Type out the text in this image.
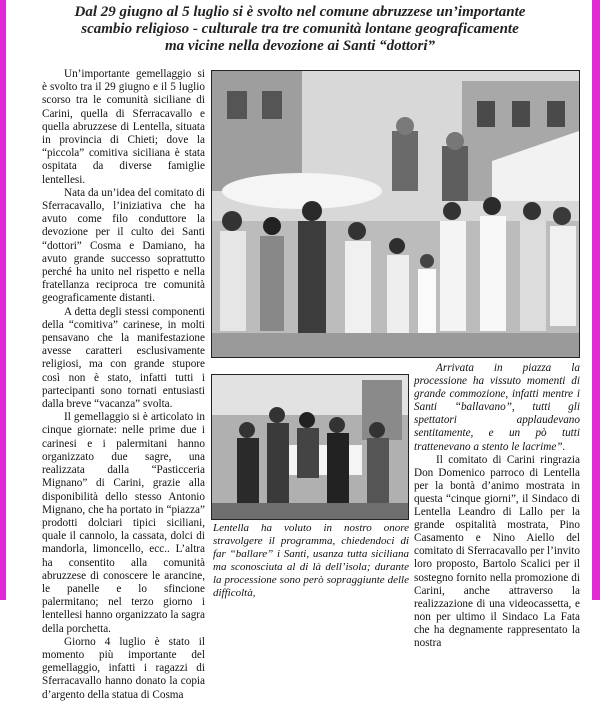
Dal 29 giugno al 5 luglio si è svolto nel comune abruzzese un’importante
scambio religioso - culturale tra tre comunità lontane geograficamente
ma vicine nella devozione ai Santi “dottori”

Un’importante gemellaggio si è svolto tra il 29 giugno e il 5 luglio scorso tra le comunità siciliane di Carini, quella di Sferracavallo e quella abruzzese di Lentella, situata in provincia di Chieti; dove la “piccola” comitiva siciliana è stata ospitata da diverse famiglie lentellesi.

Nata da un’idea del comitato di Sferracavallo, l’iniziativa che ha avuto come filo conduttore la devozione per il culto dei Santi “dottori” Cosma e Damiano, ha avuto grande successo soprattutto perché ha unito nel rispetto e nella fratellanza reciproca tre comunità geograficamente distanti.

A detta degli stessi componenti della “comitiva” carinese, in molti pensavano che la manifestazione avesse caratteri esclusivamente religiosi, ma con grande stupore così non è stato, infatti tutti i partecipanti sono tornati entusiasti dalla breve “vacanza” svolta.

Il gemellaggio si è articolato in cinque giornate: nelle prime due i carinesi e i palermitani hanno organizzato due sagre, una realizzata dalla “Pasticceria Mignano” di Carini, grazie alla disponibilità dello stesso Antonio Mignano, che ha portato in “piazza” prodotti dolciari tipici siciliani, quale il cannolo, la cassata, dolci di mandorla, limoncello, ecc.. L’altra ha consentito alla comunità abruzzese di conoscere le arancine, le panelle e lo sfincione palermitano; nel terzo giorno i lentellesi hanno organizzato la sagra della porchetta.

Giorno 4 luglio è stato il momento più importante del gemellaggio, infatti i ragazzi di Sferracavallo hanno donato la copia d’argento della statua di Cosma

Lentella ha voluto in nostro onore stravolgere il programma, chiedendoci di far “ballare” i Santi, usanza tutta siciliana ma sconosciuta al di là dell’isola; durante la processione sono però sopraggiunte delle difficoltà,

Arrivata in piazza la processione ha vissuto momenti di grande commozione, infatti mentre i Santi “ballavano”, tutti gli spettatori applaudevano sentitamente, e un pò tutti trattenevano a stento le lacrime”.

Il comitato di Carini ringrazia Don Domenico parroco di Lentella per la bontà d’animo mostrata in questa “cinque giorni”, il Sindaco di Lentella Leandro di Lallo per la grande ospitalità mostrata, Pino Casamento e Nino Aiello del comitato di Sferracavallo per l’invito loro proposto, Bartolo Scalici per il sostegno fornito nella promozione di Carini, anche attraverso la realizzazione di una videocassetta, e non per ultimo il Sindaco La Fata che ha degnamente rappresentato la nostra
